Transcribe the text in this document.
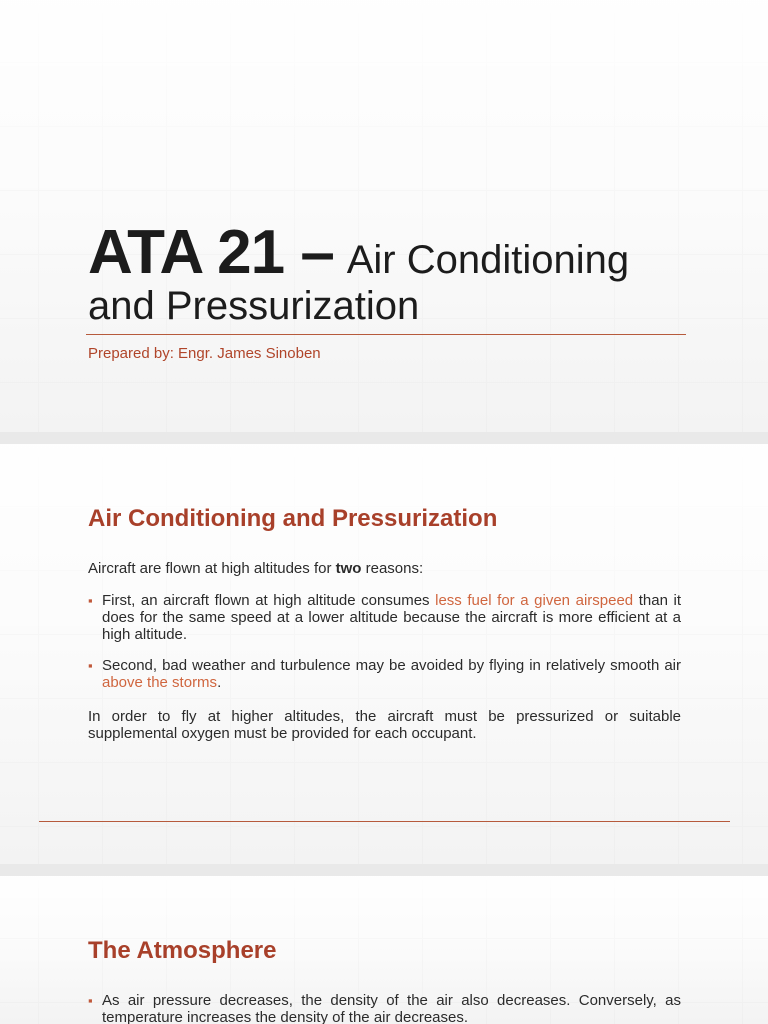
ATA 21 – Air Conditioning
and Pressurization
Prepared by: Engr. James Sinoben
Air Conditioning and Pressurization
Aircraft are flown at high altitudes for two reasons:
▪ First, an aircraft flown at high altitude consumes less fuel for a given airspeed than it does for the same speed at a lower altitude because the aircraft is more efficient at a high altitude.
▪ Second, bad weather and turbulence may be avoided by flying in relatively smooth air above the storms.
In order to fly at higher altitudes, the aircraft must be pressurized or suitable supplemental oxygen must be provided for each occupant.
The Atmosphere
▪ As air pressure decreases, the density of the air also decreases. Conversely, as temperature increases the density of the air decreases.
